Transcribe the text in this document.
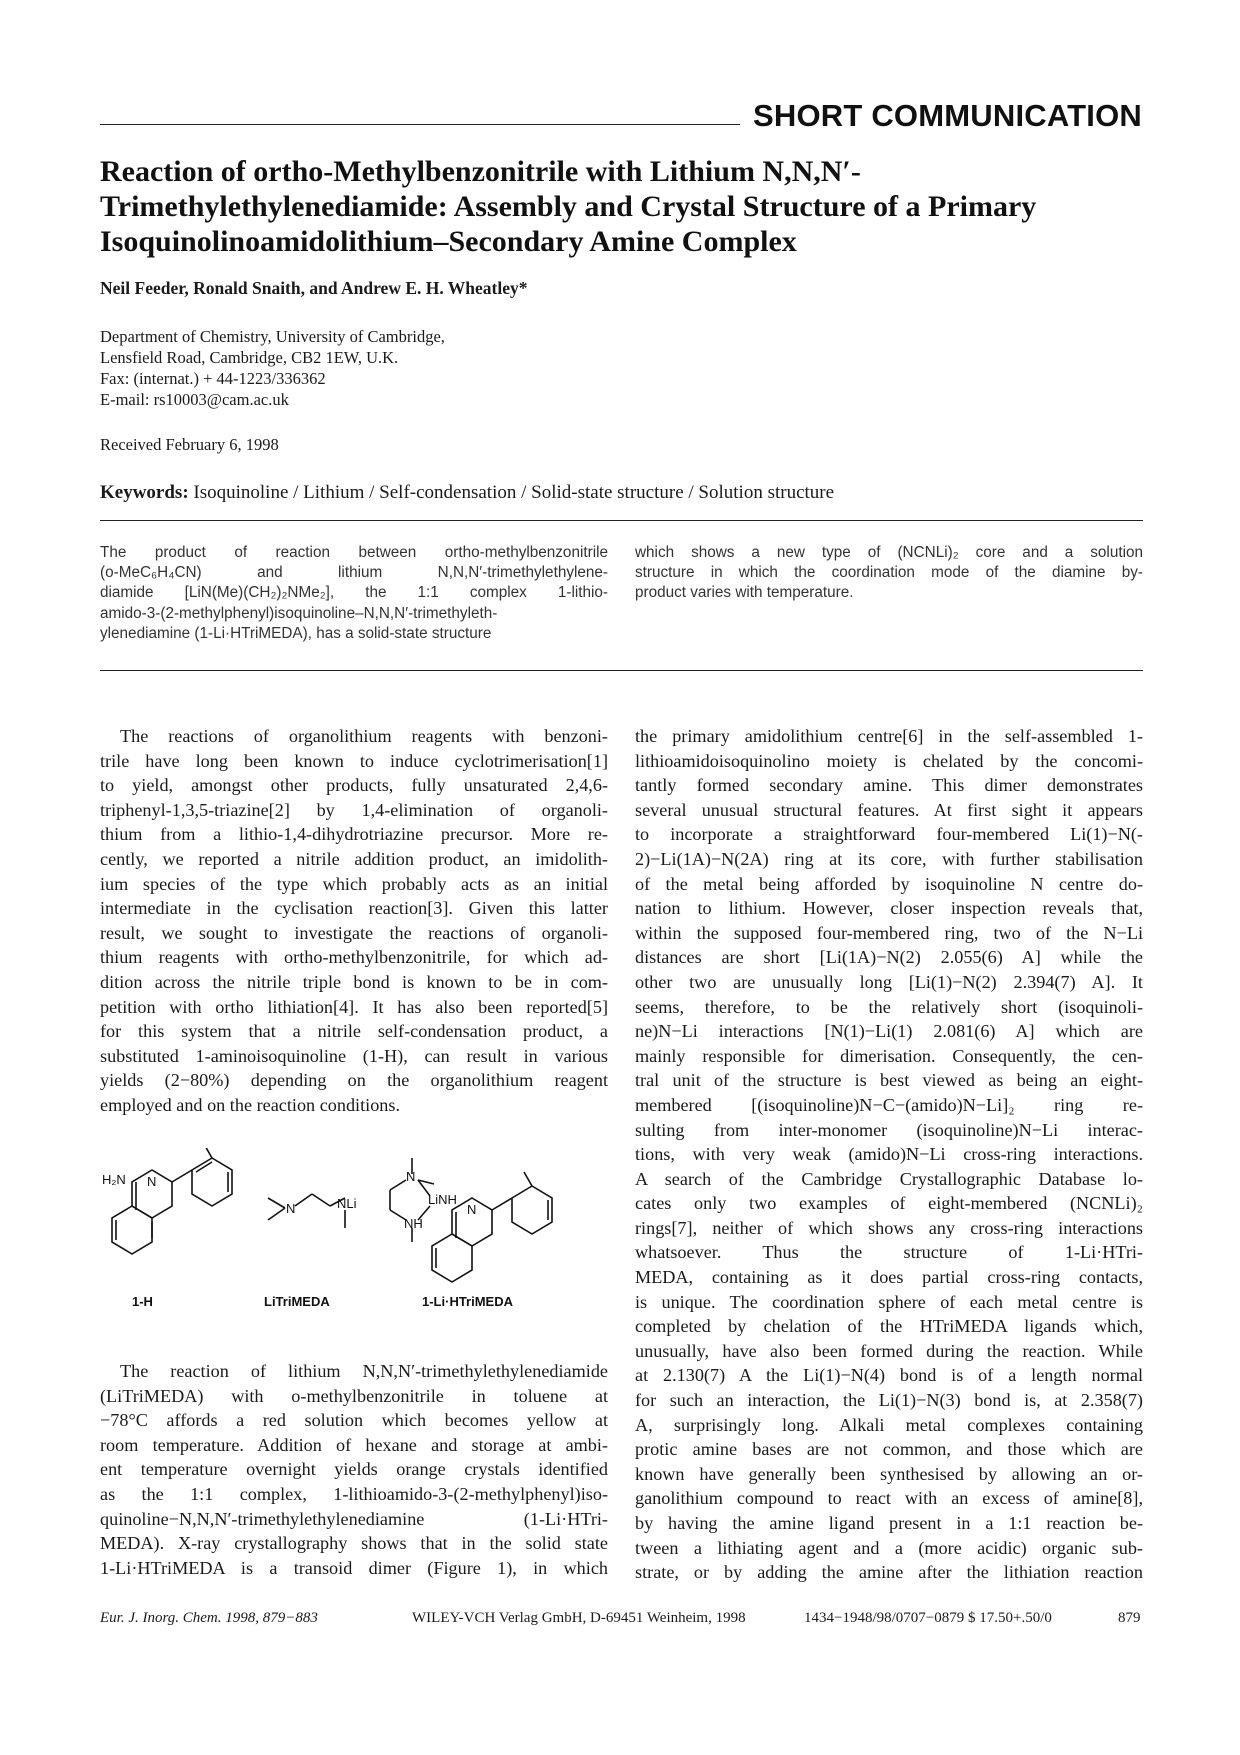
SHORT COMMUNICATION
Reaction of ortho-Methylbenzonitrile with Lithium N,N,N′-
Trimethylethylenediamide: Assembly and Crystal Structure of a Primary
Isoquinolinoamidolithium–Secondary Amine Complex
Neil Feeder, Ronald Snaith, and Andrew E. H. Wheatley*
Department of Chemistry, University of Cambridge,
Lensfield Road, Cambridge, CB2 1EW, U.K.
Fax: (internat.) + 44-1223/336362
E-mail: rs10003@cam.ac.uk
Received February 6, 1998
Keywords: Isoquinoline / Lithium / Self-condensation / Solid-state structure / Solution structure
The product of reaction between ortho-methylbenzonitrile
(o-MeC₆H₄CN) and lithium N,N,N′-trimethylethylene-
diamide [LiN(Me)(CH₂)₂NMe₂], the 1:1 complex 1-lithio-
amido-3-(2-methylphenyl)isoquinoline–N,N,N′-trimethyleth-
ylenediamine (1-Li·HTriMEDA), has a solid-state structure
which shows a new type of (NCNLi)₂ core and a solution
structure in which the coordination mode of the diamine by-
product varies with temperature.
The reactions of organolithium reagents with benzoni-
trile have long been known to induce cyclotrimerisation[1]
to yield, amongst other products, fully unsaturated 2,4,6-
triphenyl-1,3,5-triazine[2] by 1,4-elimination of organoli-
thium from a lithio-1,4-dihydrotriazine precursor. More re-
cently, we reported a nitrile addition product, an imidolith-
ium species of the type which probably acts as an initial
intermediate in the cyclisation reaction[3]. Given this latter
result, we sought to investigate the reactions of organoli-
thium reagents with ortho-methylbenzonitrile, for which ad-
dition across the nitrile triple bond is known to be in com-
petition with ortho lithiation[4]. It has also been reported[5]
for this system that a nitrile self-condensation product, a
substituted 1-aminoisoquinoline (1-H), can result in various
yields (2−80%) depending on the organolithium reagent
employed and on the reaction conditions.
H₂N N
N	NLi
N
LiNH
NH
N
1-H	LiTriMEDA	1-Li·HTriMEDA
The reaction of lithium N,N,N′-trimethylethylenediamide
(LiTriMEDA) with o-methylbenzonitrile in toluene at
−78°C affords a red solution which becomes yellow at
room temperature. Addition of hexane and storage at ambi-
ent temperature overnight yields orange crystals identified
as the 1:1 complex, 1-lithioamido-3-(2-methylphenyl)iso-
quinoline−N,N,N′-trimethylethylenediamine (1-Li·HTri-
MEDA). X-ray crystallography shows that in the solid state
1-Li·HTriMEDA is a transoid dimer (Figure 1), in which
the primary amidolithium centre[6] in the self-assembled 1-
lithioamidoisoquinolino moiety is chelated by the concomi-
tantly formed secondary amine. This dimer demonstrates
several unusual structural features. At first sight it appears
to incorporate a straightforward four-membered Li(1)−N(-
2)−Li(1A)−N(2A) ring at its core, with further stabilisation
of the metal being afforded by isoquinoline N centre do-
nation to lithium. However, closer inspection reveals that,
within the supposed four-membered ring, two of the N−Li
distances are short [Li(1A)−N(2) 2.055(6) A] while the
other two are unusually long [Li(1)−N(2) 2.394(7) A]. It
seems, therefore, to be the relatively short (isoquinoli-
ne)N−Li interactions [N(1)−Li(1) 2.081(6) A] which are
mainly responsible for dimerisation. Consequently, the cen-
tral unit of the structure is best viewed as being an eight-
membered [(isoquinoline)N−C−(amido)N−Li]₂ ring re-
sulting from inter-monomer (isoquinoline)N−Li interac-
tions, with very weak (amido)N−Li cross-ring interactions.
A search of the Cambridge Crystallographic Database lo-
cates only two examples of eight-membered (NCNLi)₂
rings[7], neither of which shows any cross-ring interactions
whatsoever. Thus the structure of 1-Li·HTri-
MEDA, containing as it does partial cross-ring contacts,
is unique. The coordination sphere of each metal centre is
completed by chelation of the HTriMEDA ligands which,
unusually, have also been formed during the reaction. While
at 2.130(7) A the Li(1)−N(4) bond is of a length normal
for such an interaction, the Li(1)−N(3) bond is, at 2.358(7)
A, surprisingly long. Alkali metal complexes containing
protic amine bases are not common, and those which are
known have generally been synthesised by allowing an or-
ganolithium compound to react with an excess of amine[8],
by having the amine ligand present in a 1:1 reaction be-
tween a lithiating agent and a (more acidic) organic sub-
strate, or by adding the amine after the lithiation reaction
Eur. J. Inorg. Chem. 1998, 879−883	WILEY-VCH Verlag GmbH, D-69451 Weinheim, 1998	1434−1948/98/0707−0879 $ 17.50+.50/0	879
